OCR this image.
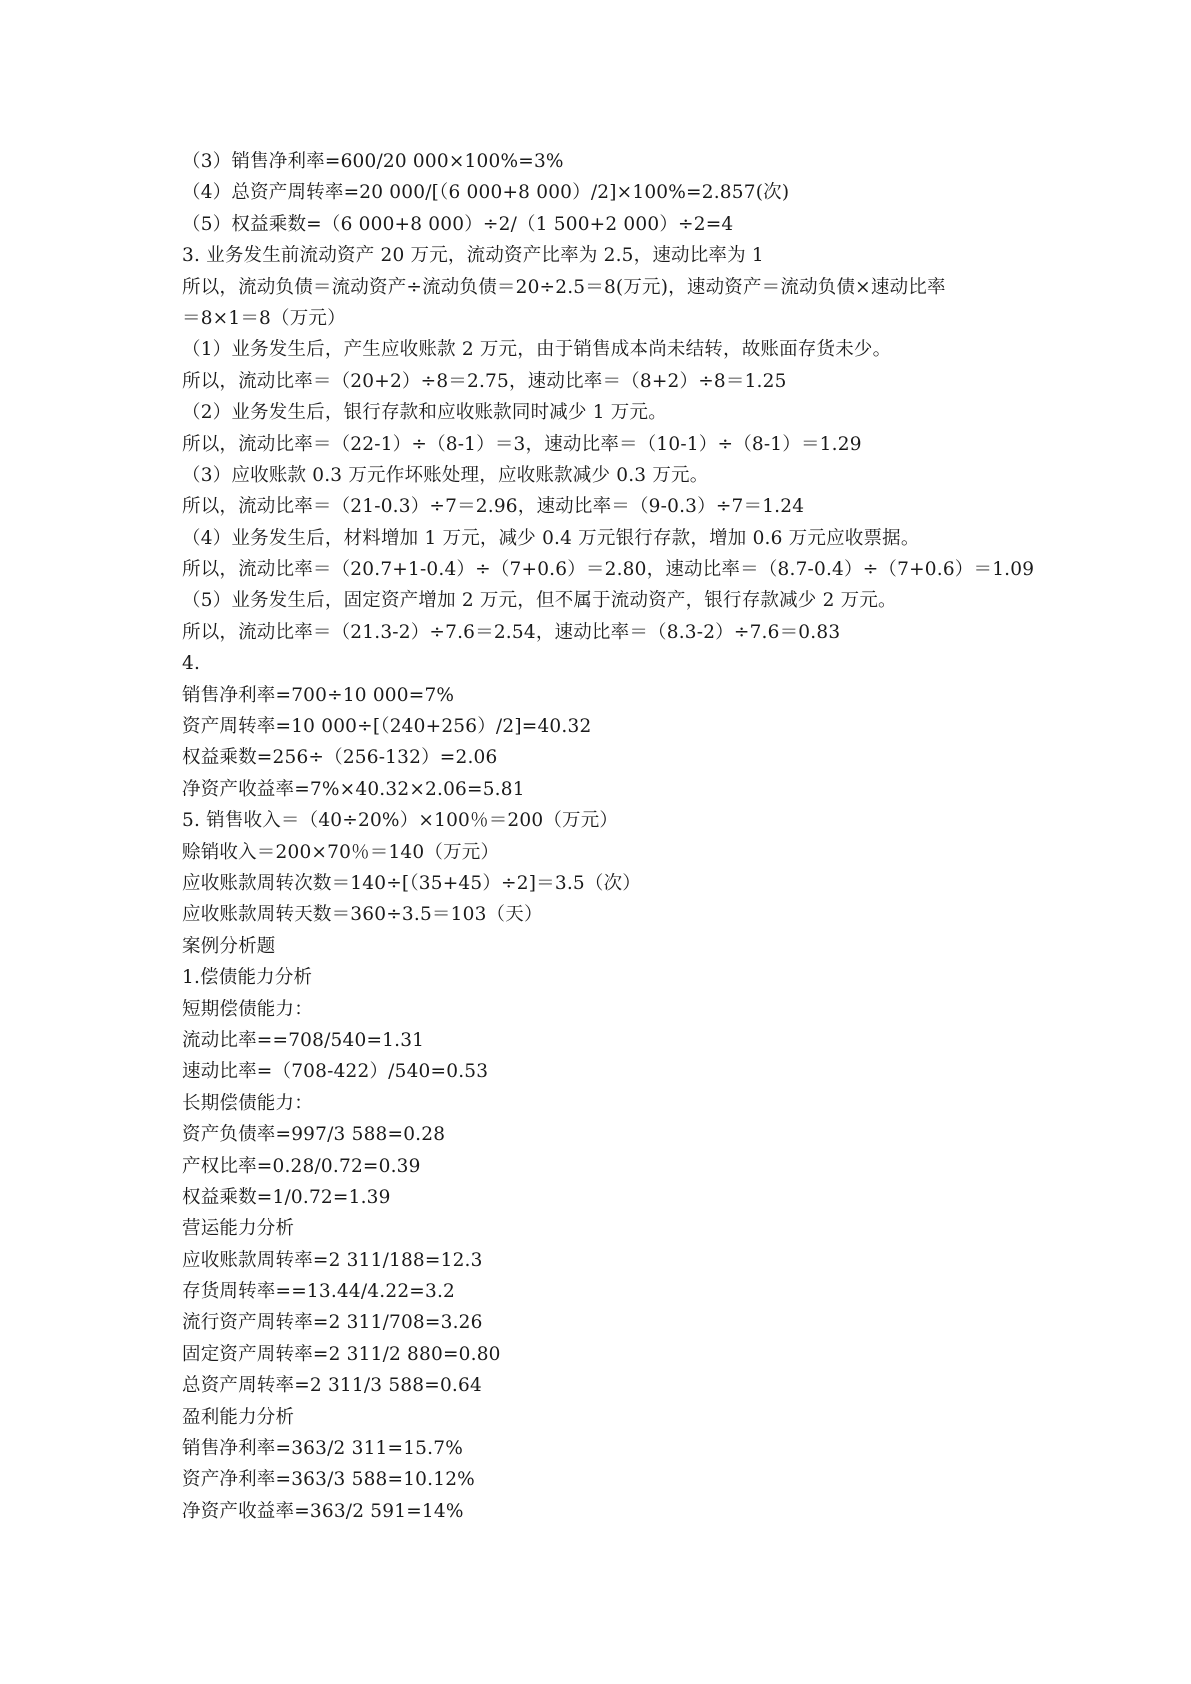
（3）销售净利率=600/20 000×100%=3%
（4）总资产周转率=20 000/[（6 000+8 000）/2]×100%=2.857(次)
（5）权益乘数=（6 000+8 000）÷2/（1 500+2 000）÷2=4
3. 业务发生前流动资产 20 万元，流动资产比率为 2.5，速动比率为 1
所以，流动负债＝流动资产÷流动负债＝20÷2.5＝8(万元)，速动资产＝流动负债×速动比率
＝8×1＝8（万元）
（1）业务发生后，产生应收账款 2 万元，由于销售成本尚未结转，故账面存货未少。
所以，流动比率＝（20+2）÷8＝2.75，速动比率＝（8+2）÷8＝1.25
（2）业务发生后，银行存款和应收账款同时减少 1 万元。
所以，流动比率＝（22-1）÷（8-1）＝3，速动比率＝（10-1）÷（8-1）＝1.29
（3）应收账款 0.3 万元作坏账处理，应收账款减少 0.3 万元。
所以，流动比率＝（21-0.3）÷7＝2.96，速动比率＝（9-0.3）÷7＝1.24
（4）业务发生后，材料增加 1 万元，减少 0.4 万元银行存款，增加 0.6 万元应收票据。
所以，流动比率＝（20.7+1-0.4）÷（7+0.6）＝2.80，速动比率＝（8.7-0.4）÷（7+0.6）＝1.09
（5）业务发生后，固定资产增加 2 万元，但不属于流动资产，银行存款减少 2 万元。
所以，流动比率＝（21.3-2）÷7.6＝2.54，速动比率＝（8.3-2）÷7.6＝0.83
4.
销售净利率=700÷10 000=7%
资产周转率=10 000÷[（240+256）/2]=40.32
权益乘数=256÷（256-132）=2.06
净资产收益率=7%×40.32×2.06=5.81
5. 销售收入＝（40÷20%）×100％＝200（万元）
赊销收入＝200×70％＝140（万元）
应收账款周转次数＝140÷[（35+45）÷2]＝3.5（次）
应收账款周转天数＝360÷3.5＝103（天）
案例分析题
1.偿债能力分析
短期偿债能力：
流动比率==708/540=1.31
速动比率=（708-422）/540=0.53
长期偿债能力：
资产负债率=997/3 588=0.28
产权比率=0.28/0.72=0.39
权益乘数=1/0.72=1.39
营运能力分析
应收账款周转率=2 311/188=12.3
存货周转率==13.44/4.22=3.2
流行资产周转率=2 311/708=3.26
固定资产周转率=2 311/2 880=0.80
总资产周转率=2 311/3 588=0.64
盈利能力分析
销售净利率=363/2 311=15.7%
资产净利率=363/3 588=10.12%
净资产收益率=363/2 591=14%
